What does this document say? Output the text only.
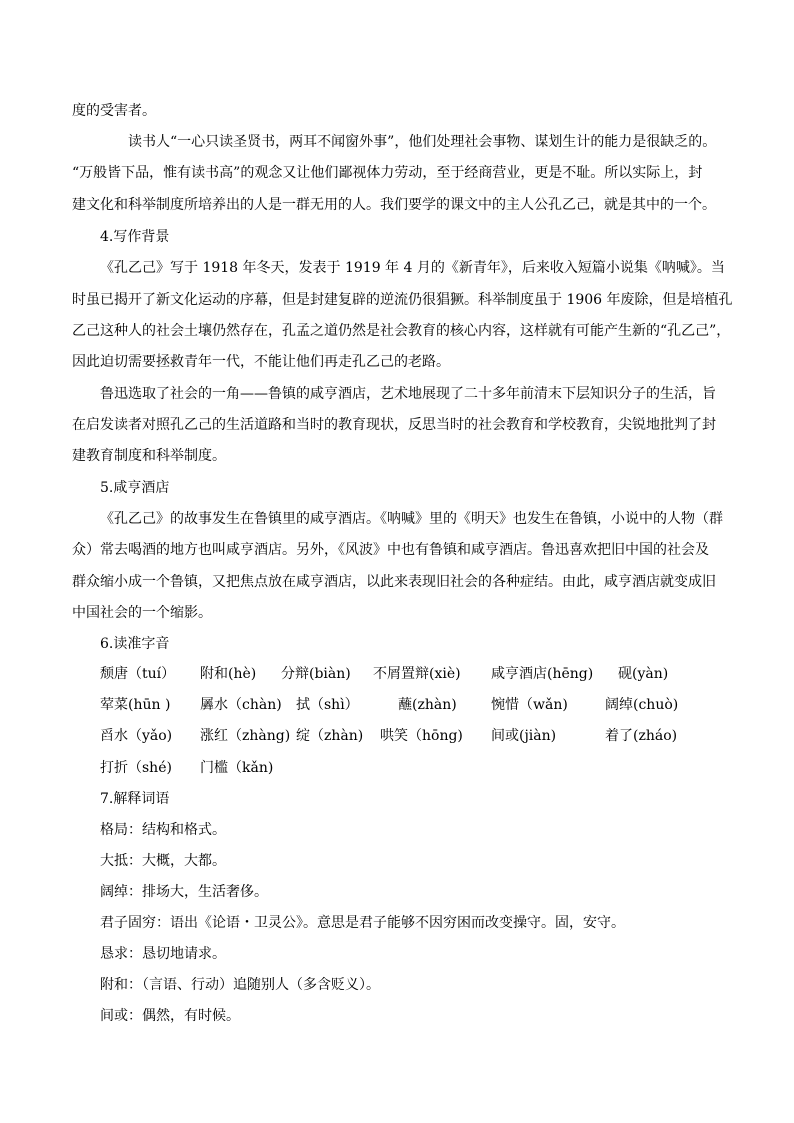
度的受害者。
读书人“一心只读圣贤书，两耳不闻窗外事”，他们处理社会事物、谋划生计的能力是很缺乏的。
“万般皆下品，惟有读书高”的观念又让他们鄙视体力劳动，至于经商营业，更是不耻。所以实际上，封
建文化和科举制度所培养出的人是一群无用的人。我们要学的课文中的主人公孔乙己，就是其中的一个。
4.写作背景
《孔乙己》写于 1918 年冬天，发表于 1919 年 4 月的《新青年》，后来收入短篇小说集《呐喊》。当
时虽已揭开了新文化运动的序幕，但是封建复辟的逆流仍很猖獗。科举制度虽于 1906 年废除，但是培植孔
乙己这种人的社会土壤仍然存在，孔孟之道仍然是社会教育的核心内容，这样就有可能产生新的“孔乙己”，
因此迫切需要拯救青年一代，不能让他们再走孔乙己的老路。
鲁迅选取了社会的一角——鲁镇的咸亨酒店，艺术地展现了二十多年前清末下层知识分子的生活，旨
在启发读者对照孔乙己的生活道路和当时的教育现状，反思当时的社会教育和学校教育，尖锐地批判了封
建教育制度和科举制度。
5.咸亨酒店
《孔乙己》的故事发生在鲁镇里的咸亨酒店。《呐喊》里的《明天》也发生在鲁镇，小说中的人物（群
众）常去喝酒的地方也叫咸亨酒店。另外，《风波》中也有鲁镇和咸亨酒店。鲁迅喜欢把旧中国的社会及
群众缩小成一个鲁镇，又把焦点放在咸亨酒店，以此来表现旧社会的各种症结。由此，咸亨酒店就变成旧
中国社会的一个缩影。
6.读准字音
颓唐（tuí） 附和(hè) 分辩(biàn) 不屑置辩(xiè) 咸亨酒店(hēng) 砚(yàn)
荤菜(hūn ) 羼水（chàn) 拭（shì）	蘸(zhàn) 惋惜（wǎn)	阔绰(chuò)
舀水（yǎo) 涨红（zhàng) 绽（zhàn) 哄笑（hōng) 间或(jiàn)	着了(zháo)
打折（shé) 门槛（kǎn)
7.解释词语
格局：结构和格式。
大抵：大概，大都。
阔绰：排场大，生活奢侈。
君子固穷：语出《论语・卫灵公》。意思是君子能够不因穷困而改变操守。固，安守。
恳求：恳切地请求。
附和：（言语、行动）追随别人（多含贬义）。
间或：偶然，有时候。
